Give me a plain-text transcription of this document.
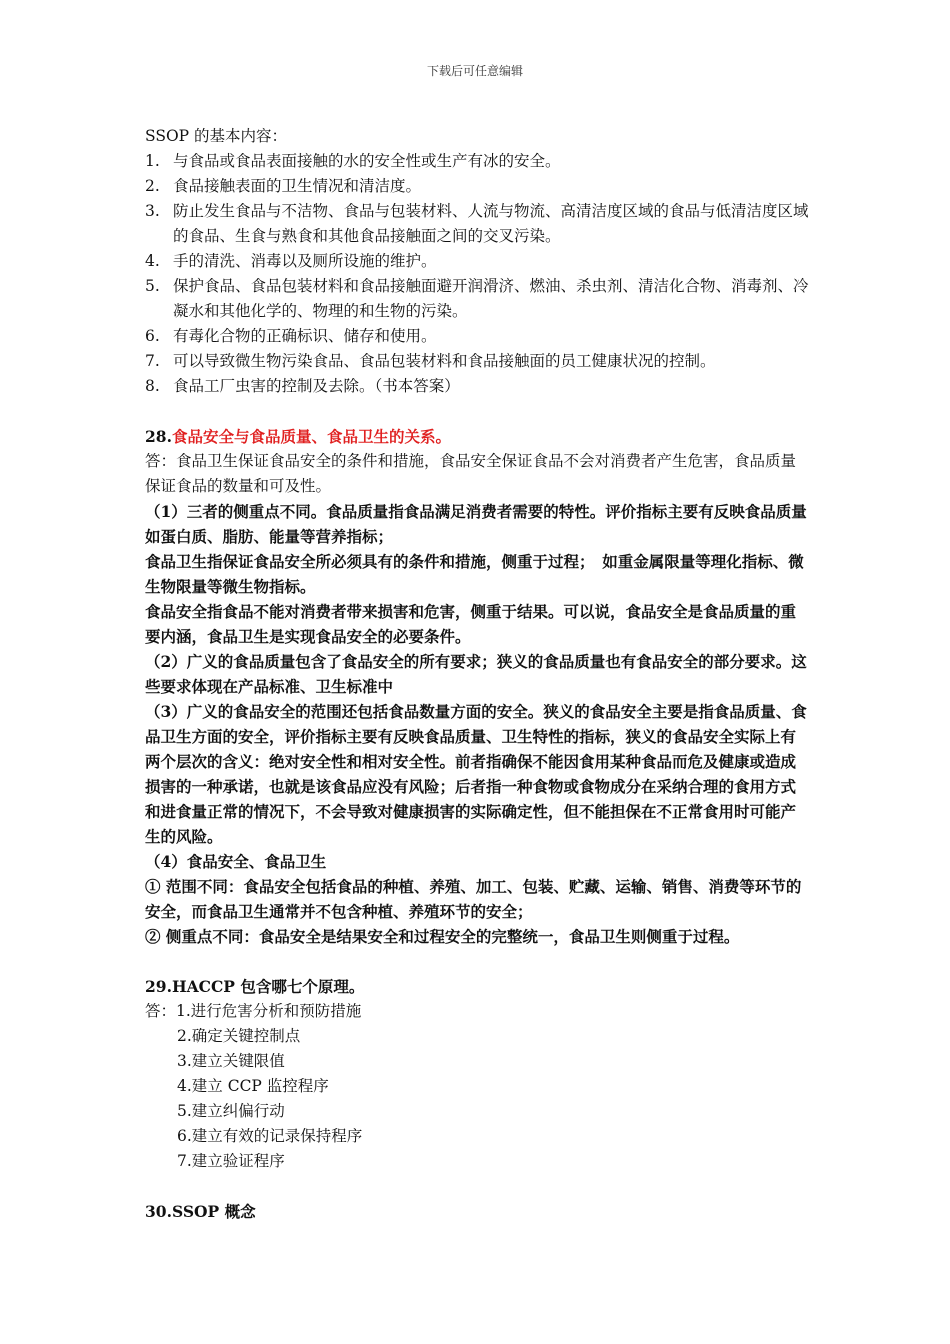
下载后可任意编辑

SSOP 的基本内容：

1. 与食品或食品表面接触的水的安全性或生产有冰的安全。

2. 食品接触表面的卫生情况和清洁度。

3. 防止发生食品与不洁物、食品与包装材料、人流与物流、高清洁度区域的食品与低清洁度区域的食品、生食与熟食和其他食品接触面之间的交叉污染。

4. 手的清洗、消毒以及厕所设施的维护。

5. 保护食品、食品包装材料和食品接触面避开润滑济、燃油、杀虫剂、清洁化合物、消毒剂、冷凝水和其他化学的、物理的和生物的污染。

6. 有毒化合物的正确标识、储存和使用。

7. 可以导致微生物污染食品、食品包装材料和食品接触面的员工健康状况的控制。

8. 食品工厂虫害的控制及去除。（书本答案）

28.食品安全与食品质量、食品卫生的关系。

答：食品卫生保证食品安全的条件和措施，食品安全保证食品不会对消费者产生危害，食品质量保证食品的数量和可及性。

（1）三者的侧重点不同。食品质量指食品满足消费者需要的特性。评价指标主要有反映食品质量如蛋白质、脂肪、能量等营养指标；

食品卫生指保证食品安全所必须具有的条件和措施，侧重于过程；　如重金属限量等理化指标、微生物限量等微生物指标。

食品安全指食品不能对消费者带来损害和危害，侧重于结果。可以说，食品安全是食品质量的重要内涵，食品卫生是实现食品安全的必要条件。

（2）广义的食品质量包含了食品安全的所有要求；狭义的食品质量也有食品安全的部分要求。这些要求体现在产品标准、卫生标准中

（3）广义的食品安全的范围还包括食品数量方面的安全。狭义的食品安全主要是指食品质量、食品卫生方面的安全，评价指标主要有反映食品质量、卫生特性的指标，狭义的食品安全实际上有两个层次的含义：绝对安全性和相对安全性。前者指确保不能因食用某种食品而危及健康或造成损害的一种承诺，也就是该食品应没有风险；后者指一种食物或食物成分在采纳合理的食用方式和进食量正常的情况下，不会导致对健康损害的实际确定性，但不能担保在不正常食用时可能产生的风险。

（4）食品安全、食品卫生

① 范围不同：食品安全包括食品的种植、养殖、加工、包装、贮藏、运输、销售、消费等环节的安全，而食品卫生通常并不包含种植、养殖环节的安全；

② 侧重点不同：食品安全是结果安全和过程安全的完整统一，食品卫生则侧重于过程。

29.HACCP 包含哪七个原理。

答：1.进行危害分析和预防措施

2.确定关键控制点

3.建立关键限值

4.建立 CCP 监控程序

5.建立纠偏行动

6.建立有效的记录保持程序

7.建立验证程序

30.SSOP 概念
